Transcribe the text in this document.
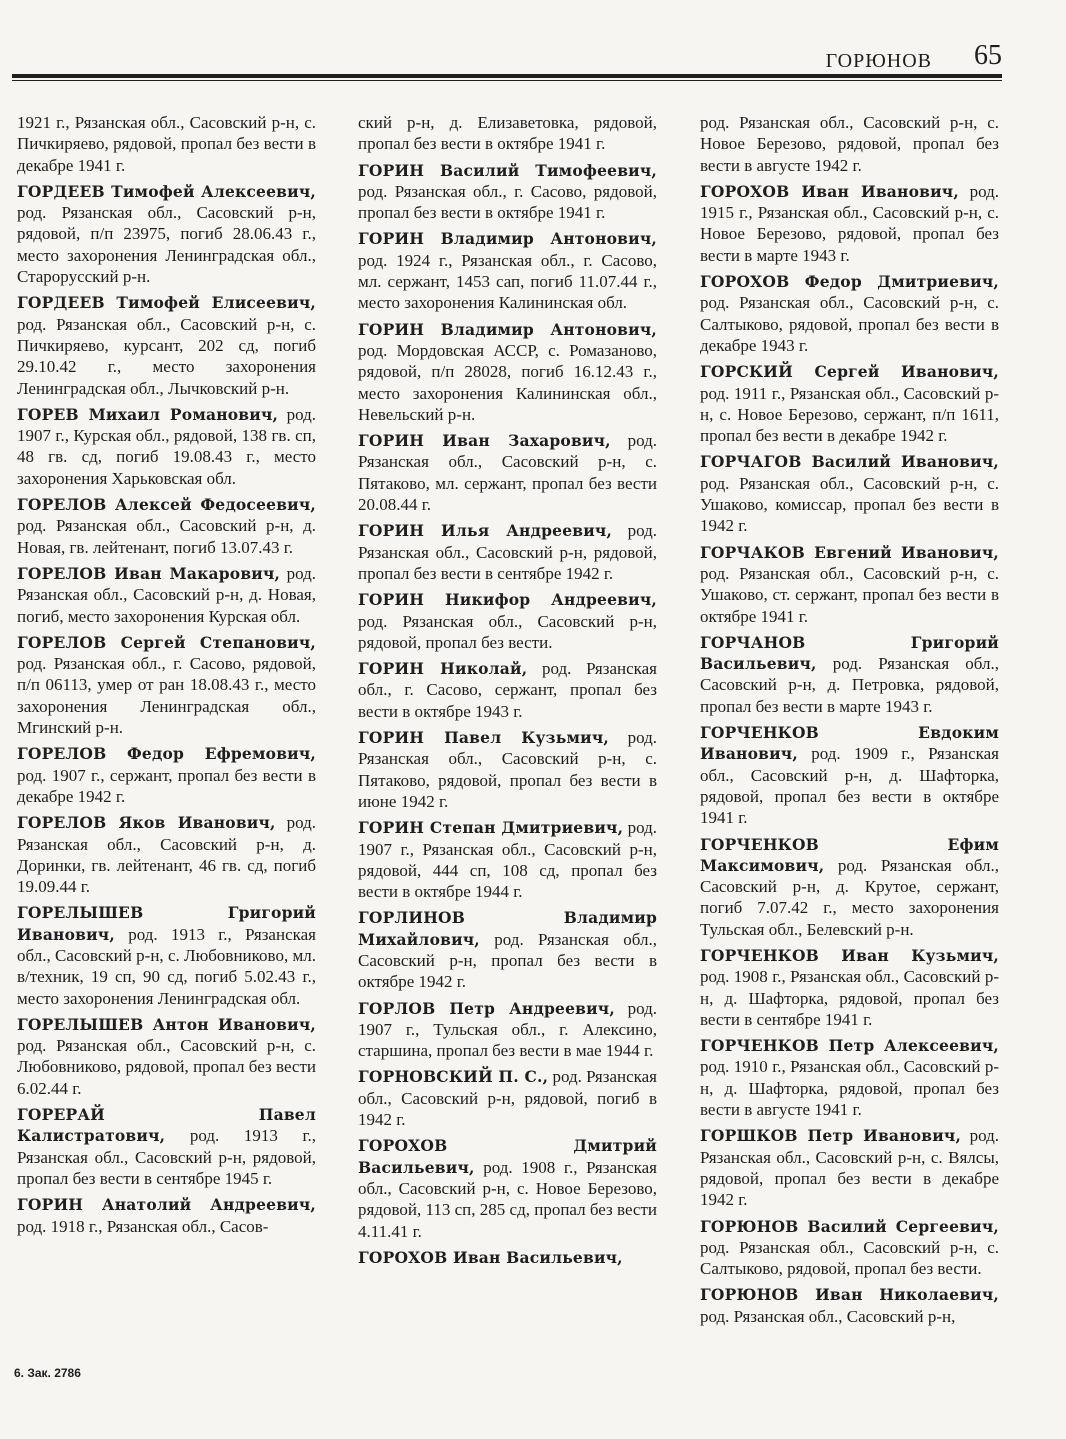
ГОРЮНОВ 65

1921 г., Рязанская обл., Сасовский р-н, с. Пичкиряево, рядовой, пропал без вести в декабре 1941 г.

ГОРДЕЕВ Тимофей Алексеевич, род. Рязанская обл., Сасовский р-н, рядовой, п/п 23975, погиб 28.06.43 г., место захоронения Ленинградская обл., Старорусский р-н.

ГОРДЕЕВ Тимофей Елисеевич, род. Рязанская обл., Сасовский р-н, с. Пичкиряево, курсант, 202 сд, погиб 29.10.42 г., место захоронения Ленинградская обл., Лычковский р-н.

ГОРЕВ Михаил Романович, род. 1907 г., Курская обл., рядовой, 138 гв. сп, 48 гв. сд, погиб 19.08.43 г., место захоронения Харьковская обл.

ГОРЕЛОВ Алексей Федосеевич, род. Рязанская обл., Сасовский р-н, д. Новая, гв. лейтенант, погиб 13.07.43 г.

ГОРЕЛОВ Иван Макарович, род. Рязанская обл., Сасовский р-н, д. Новая, погиб, место захоронения Курская обл.

ГОРЕЛОВ Сергей Степанович, род. Рязанская обл., г. Сасово, рядовой, п/п 06113, умер от ран 18.08.43 г., место захоронения Ленинградская обл., Мгинский р-н.

ГОРЕЛОВ Федор Ефремович, род. 1907 г., сержант, пропал без вести в декабре 1942 г.

ГОРЕЛОВ Яков Иванович, род. Рязанская обл., Сасовский р-н, д. Доринки, гв. лейтенант, 46 гв. сд, погиб 19.09.44 г.

ГОРЕЛЫШЕВ Григорий Иванович, род. 1913 г., Рязанская обл., Сасовский р-н, с. Любовниково, мл. в/техник, 19 сп, 90 сд, погиб 5.02.43 г., место захоронения Ленинградская обл.

ГОРЕЛЫШЕВ Антон Иванович, род. Рязанская обл., Сасовский р-н, с. Любовниково, рядовой, пропал без вести 6.02.44 г.

ГОРЕРАЙ Павел Калистратович, род. 1913 г., Рязанская обл., Сасовский р-н, рядовой, пропал без вести в сентябре 1945 г.

ГОРИН Анатолий Андреевич, род. 1918 г., Рязанская обл., Сасов-

ский р-н, д. Елизаветовка, рядовой, пропал без вести в октябре 1941 г.

ГОРИН Василий Тимофеевич, род. Рязанская обл., г. Сасово, рядовой, пропал без вести в октябре 1941 г.

ГОРИН Владимир Антонович, род. 1924 г., Рязанская обл., г. Сасово, мл. сержант, 1453 сап, погиб 11.07.44 г., место захоронения Калининская обл.

ГОРИН Владимир Антонович, род. Мордовская АССР, с. Ромазаново, рядовой, п/п 28028, погиб 16.12.43 г., место захоронения Калининская обл., Невельский р-н.

ГОРИН Иван Захарович, род. Рязанская обл., Сасовский р-н, с. Пятаково, мл. сержант, пропал без вести 20.08.44 г.

ГОРИН Илья Андреевич, род. Рязанская обл., Сасовский р-н, рядовой, пропал без вести в сентябре 1942 г.

ГОРИН Никифор Андреевич, род. Рязанская обл., Сасовский р-н, рядовой, пропал без вести.

ГОРИН Николай, род. Рязанская обл., г. Сасово, сержант, пропал без вести в октябре 1943 г.

ГОРИН Павел Кузьмич, род. Рязанская обл., Сасовский р-н, с. Пятаково, рядовой, пропал без вести в июне 1942 г.

ГОРИН Степан Дмитриевич, род. 1907 г., Рязанская обл., Сасовский р-н, рядовой, 444 сп, 108 сд, пропал без вести в октябре 1944 г.

ГОРЛИНОВ Владимир Михайлович, род. Рязанская обл., Сасовский р-н, пропал без вести в октябре 1942 г.

ГОРЛОВ Петр Андреевич, род. 1907 г., Тульская обл., г. Алексино, старшина, пропал без вести в мае 1944 г.

ГОРНОВСКИЙ П. С., род. Рязанская обл., Сасовский р-н, рядовой, погиб в 1942 г.

ГОРОХОВ Дмитрий Васильевич, род. 1908 г., Рязанская обл., Сасовский р-н, с. Новое Березово, рядовой, 113 сп, 285 сд, пропал без вести 4.11.41 г.

ГОРОХОВ Иван Васильевич,

род. Рязанская обл., Сасовский р-н, с. Новое Березово, рядовой, пропал без вести в августе 1942 г.

ГОРОХОВ Иван Иванович, род. 1915 г., Рязанская обл., Сасовский р-н, с. Новое Березово, рядовой, пропал без вести в марте 1943 г.

ГОРОХОВ Федор Дмитриевич, род. Рязанская обл., Сасовский р-н, с. Салтыково, рядовой, пропал без вести в декабре 1943 г.

ГОРСКИЙ Сергей Иванович, род. 1911 г., Рязанская обл., Сасовский р-н, с. Новое Березово, сержант, п/п 1611, пропал без вести в декабре 1942 г.

ГОРЧАГОВ Василий Иванович, род. Рязанская обл., Сасовский р-н, с. Ушаково, комиссар, пропал без вести в 1942 г.

ГОРЧАКОВ Евгений Иванович, род. Рязанская обл., Сасовский р-н, с. Ушаково, ст. сержант, пропал без вести в октябре 1941 г.

ГОРЧАНОВ Григорий Васильевич, род. Рязанская обл., Сасовский р-н, д. Петровка, рядовой, пропал без вести в марте 1943 г.

ГОРЧЕНКОВ Евдоким Иванович, род. 1909 г., Рязанская обл., Сасовский р-н, д. Шафторка, рядовой, пропал без вести в октябре 1941 г.

ГОРЧЕНКОВ Ефим Максимович, род. Рязанская обл., Сасовский р-н, д. Крутое, сержант, погиб 7.07.42 г., место захоронения Тульская обл., Белевский р-н.

ГОРЧЕНКОВ Иван Кузьмич, род. 1908 г., Рязанская обл., Сасовский р-н, д. Шафторка, рядовой, пропал без вести в сентябре 1941 г.

ГОРЧЕНКОВ Петр Алексеевич, род. 1910 г., Рязанская обл., Сасовский р-н, д. Шафторка, рядовой, пропал без вести в августе 1941 г.

ГОРШКОВ Петр Иванович, род. Рязанская обл., Сасовский р-н, с. Вялсы, рядовой, пропал без вести в декабре 1942 г.

ГОРЮНОВ Василий Сергеевич, род. Рязанская обл., Сасовский р-н, с. Салтыково, рядовой, пропал без вести.

ГОРЮНОВ Иван Николаевич, род. Рязанская обл., Сасовский р-н,

6. Зак. 2786
